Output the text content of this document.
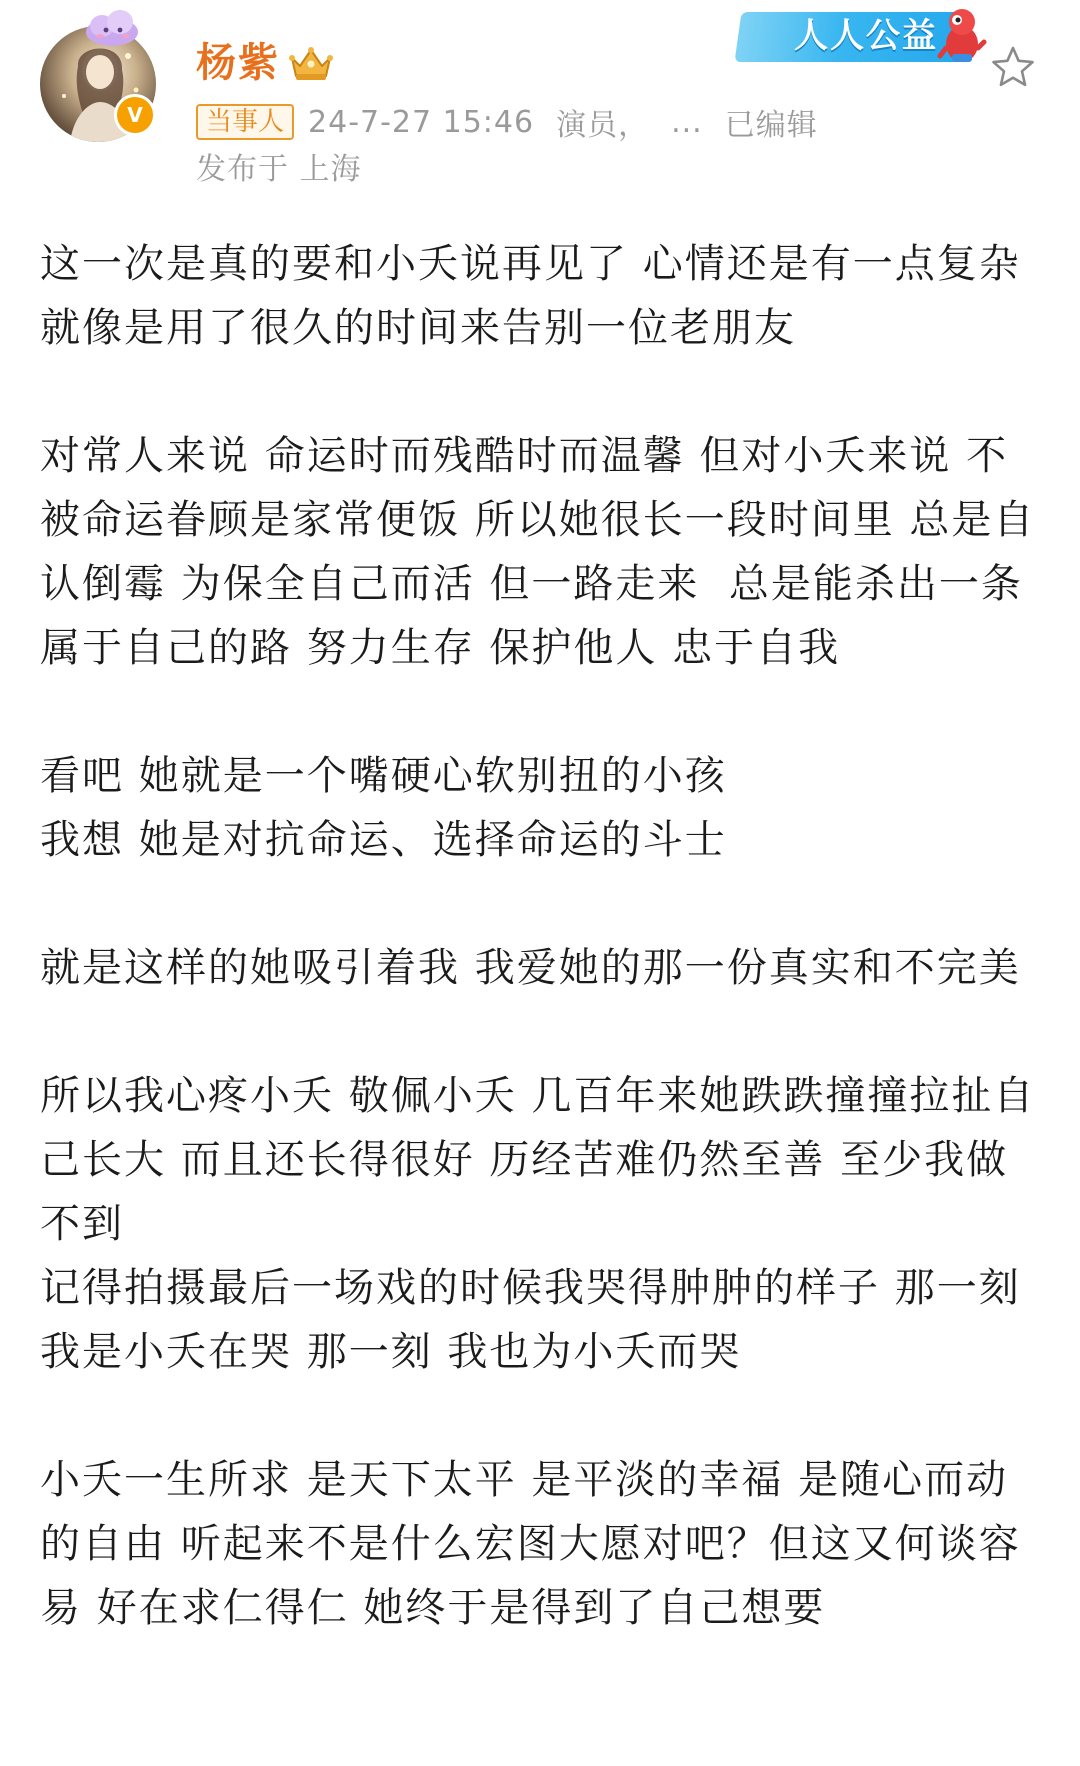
V
杨紫
当事人 24-7-27 15:46 演员， ... 已编辑
发布于 上海
人人公益

这一次是真的要和小夭说再见了 心情还是有一点复杂 就像是用了很久的时间来告别一位老朋友

对常人来说 命运时而残酷时而温馨 但对小夭来说 不被命运眷顾是家常便饭 所以她很长一段时间里 总是自认倒霉 为保全自己而活 但一路走来  总是能杀出一条属于自己的路 努力生存 保护他人 忠于自我

看吧 她就是一个嘴硬心软别扭的小孩
我想 她是对抗命运、选择命运的斗士

就是这样的她吸引着我 我爱她的那一份真实和不完美

所以我心疼小夭 敬佩小夭 几百年来她跌跌撞撞拉扯自己长大 而且还长得很好 历经苦难仍然至善 至少我做不到
记得拍摄最后一场戏的时候我哭得肿肿的样子 那一刻 我是小夭在哭 那一刻 我也为小夭而哭

小夭一生所求 是天下太平 是平淡的幸福 是随心而动的自由 听起来不是什么宏图大愿对吧？但这又何谈容易 好在求仁得仁 她终于是得到了自己想要
